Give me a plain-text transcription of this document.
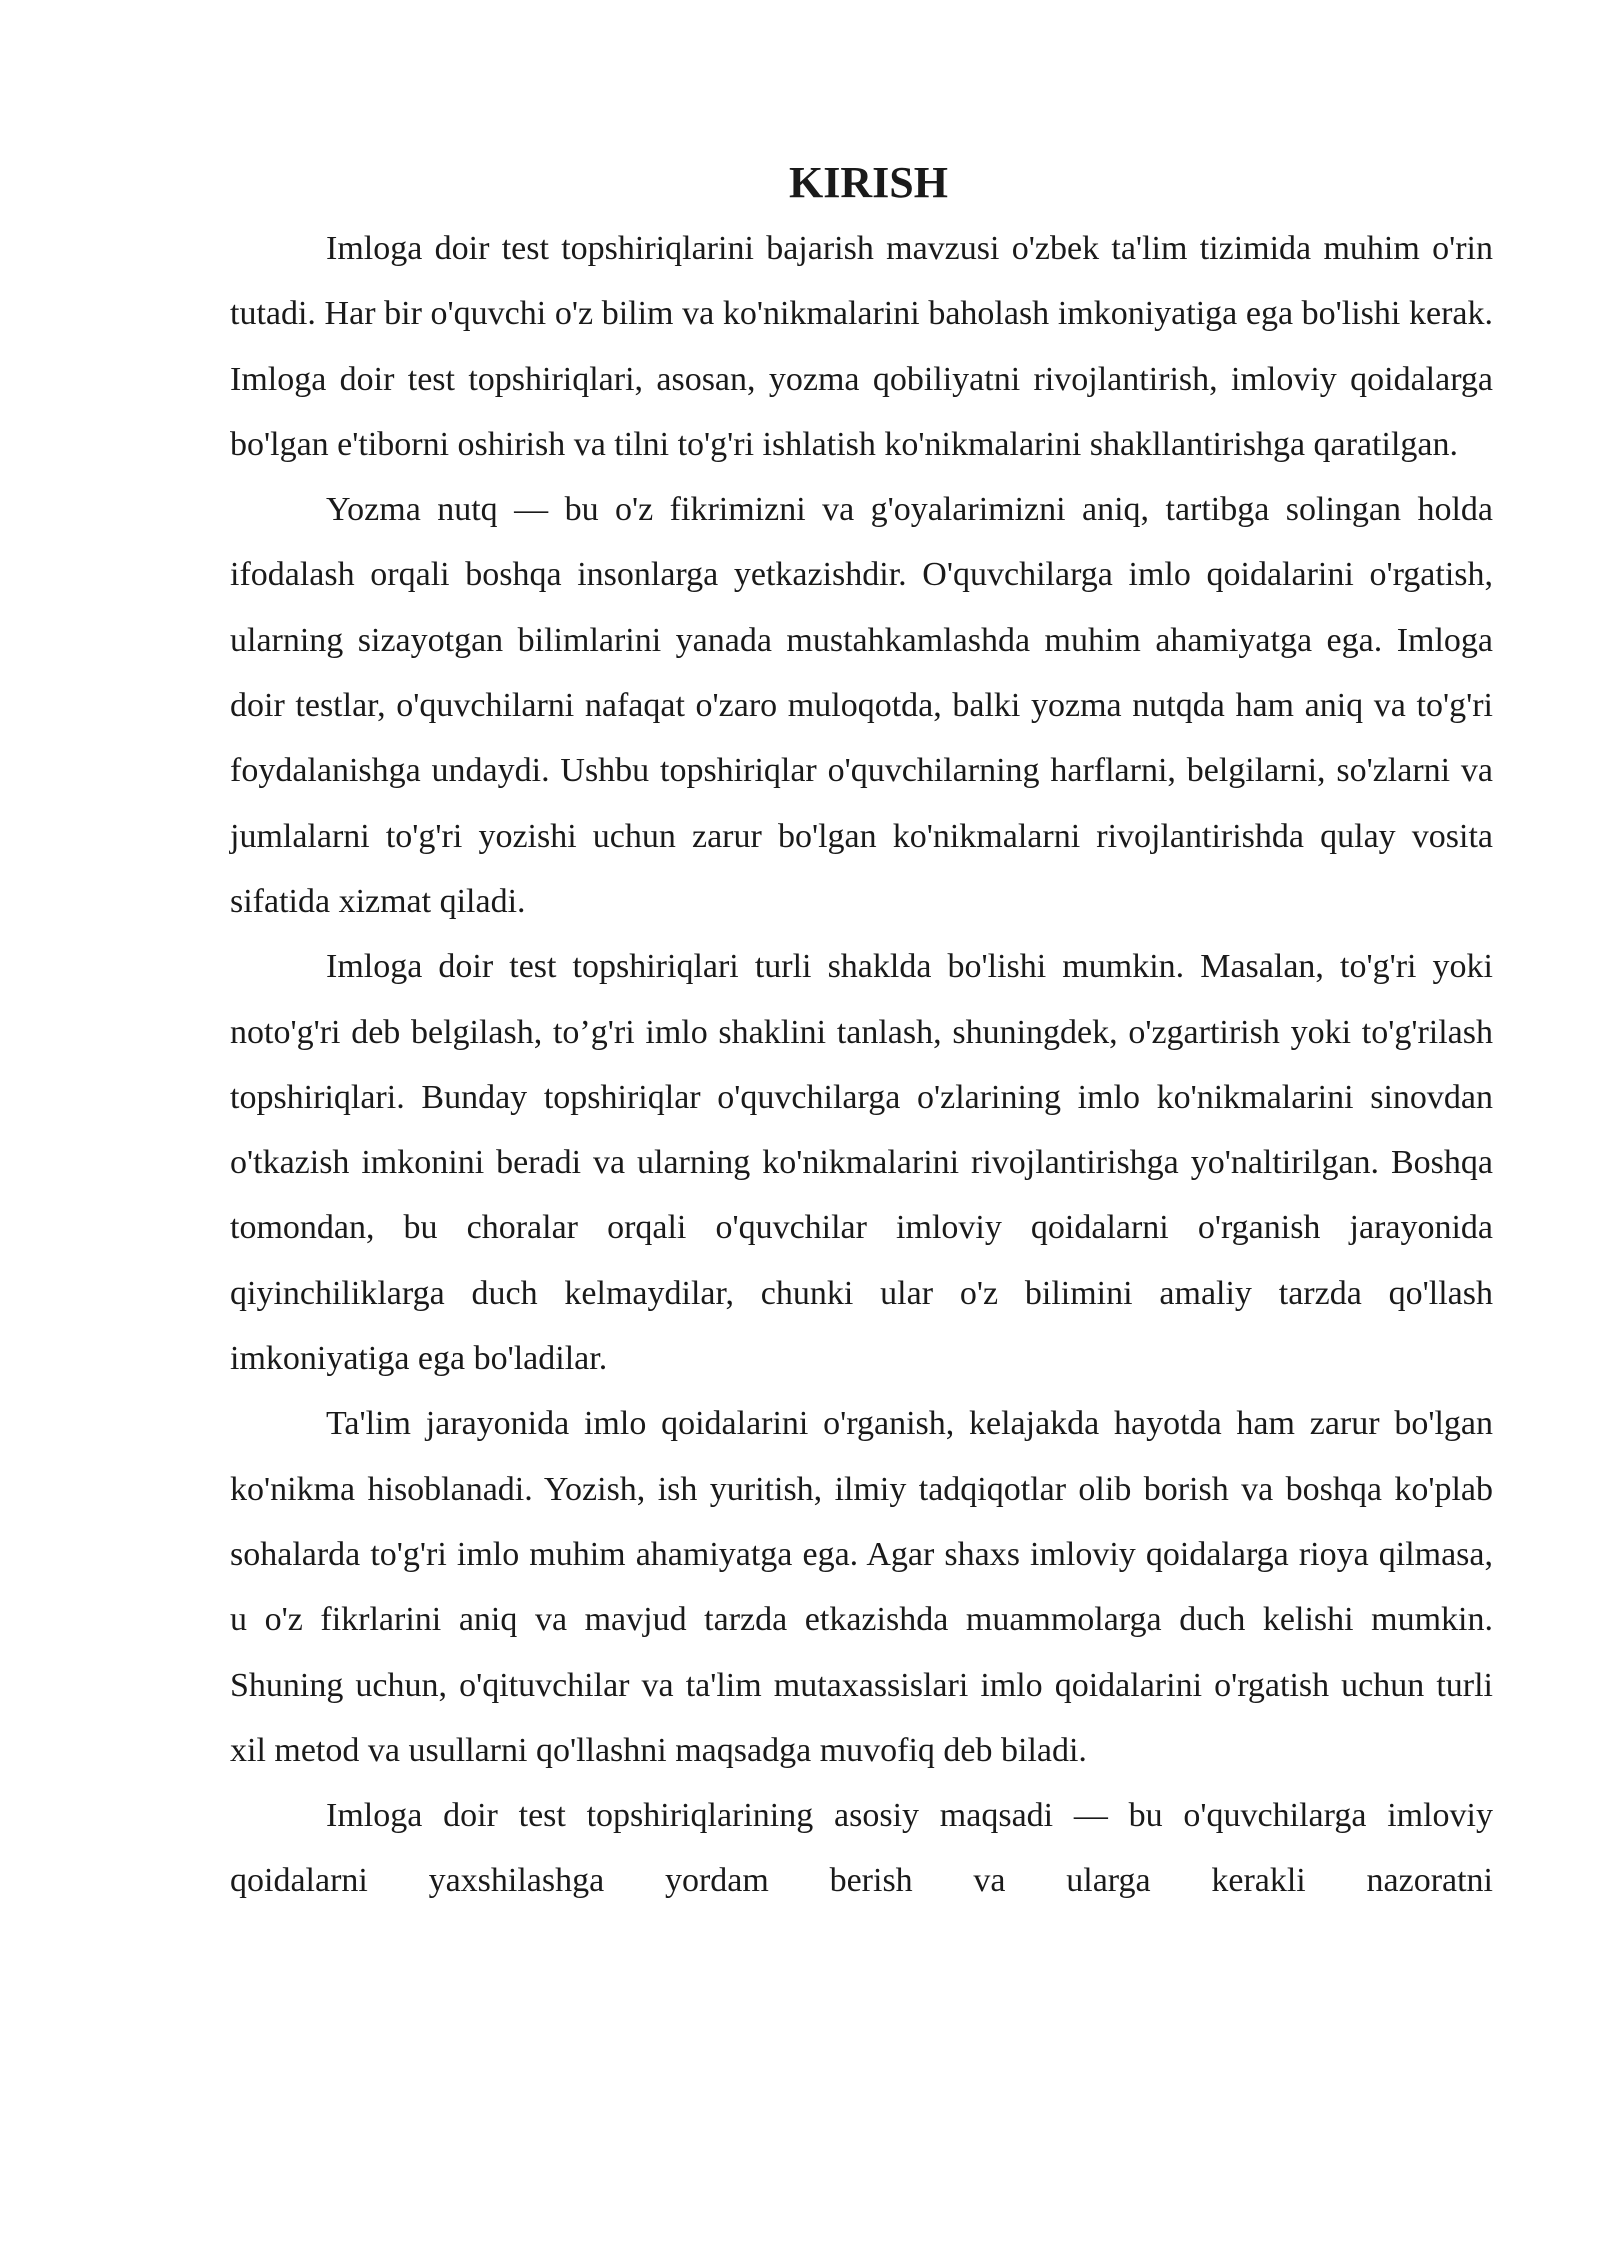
KIRISH

Imloga doir test topshiriqlarini bajarish mavzusi o'zbek ta'lim tizimida muhim o'rin tutadi. Har bir o'quvchi o'z bilim va ko'nikmalarini baholash imkoniyatiga ega bo'lishi kerak. Imloga doir test topshiriqlari, asosan, yozma qobiliyatni rivojlantirish, imloviy qoidalarga bo'lgan e'tiborni oshirish va tilni to'g'ri ishlatish ko'nikmalarini shakllantirishga qaratilgan.

Yozma nutq — bu o'z fikrimizni va g'oyalarimizni aniq, tartibga solingan holda ifodalash orqali boshqa insonlarga yetkazishdir. O'quvchilarga imlo qoidalarini o'rgatish, ularning sizayotgan bilimlarini yanada mustahkamlashda muhim ahamiyatga ega. Imloga doir testlar, o'quvchilarni nafaqat o'zaro muloqotda, balki yozma nutqda ham aniq va to'g'ri foydalanishga undaydi. Ushbu topshiriqlar o'quvchilarning harflarni, belgilarni, so'zlarni va jumlalarni to'g'ri yozishi uchun zarur bo'lgan ko'nikmalarni rivojlantirishda qulay vosita sifatida xizmat qiladi.

Imloga doir test topshiriqlari turli shaklda bo'lishi mumkin. Masalan, to'g'ri yoki noto'g'ri deb belgilash, to’g'ri imlo shaklini tanlash, shuningdek, o'zgartirish yoki to'g'rilash topshiriqlari. Bunday topshiriqlar o'quvchilarga o'zlarining imlo ko'nikmalarini sinovdan o'tkazish imkonini beradi va ularning ko'nikmalarini rivojlantirishga yo'naltirilgan. Boshqa tomondan, bu choralar orqali o'quvchilar imloviy qoidalarni o'rganish jarayonida qiyinchiliklarga duch kelmaydilar, chunki ular o'z bilimini amaliy tarzda qo'llash imkoniyatiga ega bo'ladilar.

Ta'lim jarayonida imlo qoidalarini o'rganish, kelajakda hayotda ham zarur bo'lgan ko'nikma hisoblanadi. Yozish, ish yuritish, ilmiy tadqiqotlar olib borish va boshqa ko'plab sohalarda to'g'ri imlo muhim ahamiyatga ega. Agar shaxs imloviy qoidalarga rioya qilmasa, u o'z fikrlarini aniq va mavjud tarzda etkazishda muammolarga duch kelishi mumkin. Shuning uchun, o'qituvchilar va ta'lim mutaxassislari imlo qoidalarini o'rgatish uchun turli xil metod va usullarni qo'llashni maqsadga muvofiq deb biladi.

Imloga doir test topshiriqlarining asosiy maqsadi — bu o'quvchilarga imloviy qoidalarni yaxshilashga yordam berish va ularga kerakli nazoratni
